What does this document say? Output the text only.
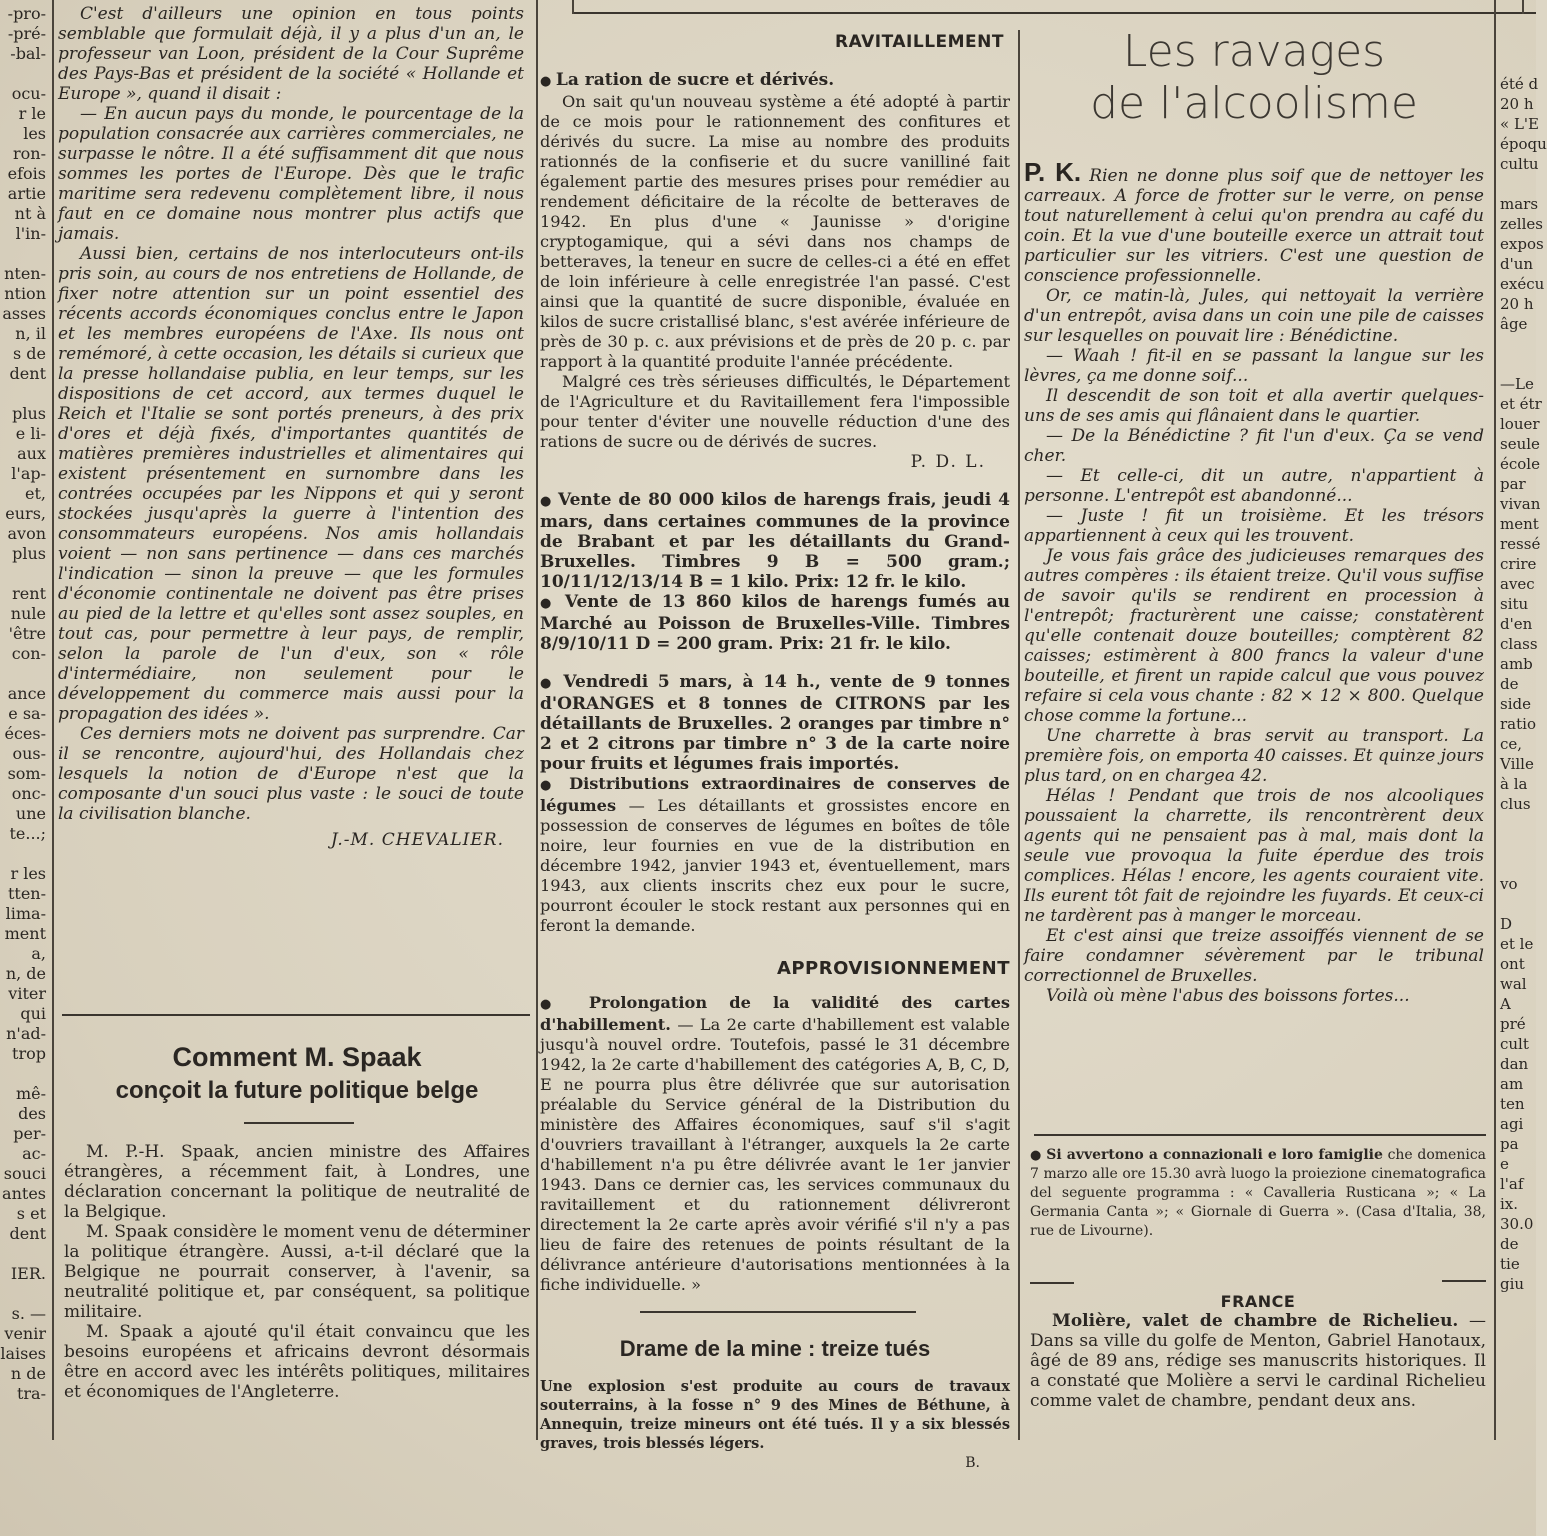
-pro-
-pré-
-bal-

ocu-
r le
les
ron-
efois
artie
nt à
l'in-

nten-
ntion
asses
n, il
s de
dent

plus
e li-
aux
l'ap-
et,
eurs,
avon
plus

rent
nule
'être
con-

ance
e sa-
éces-
ous-
som-
onc-
une
te...;

r les
tten-
lima-
ment
a,
n, de
viter
qui
n'ad-
trop

mê-
des
per-
ac-
souci
antes
s et
dent

IER.

s. —
venir
laises
n de
tra-

C'est d'ailleurs une opinion en tous points semblable que formulait déjà, il y a plus d'un an, le professeur van Loon, président de la Cour Suprême des Pays-Bas et président de la société « Hollande et Europe », quand il disait :

— En aucun pays du monde, le pourcentage de la population consacrée aux carrières commerciales, ne surpasse le nôtre. Il a été suffisamment dit que nous sommes les portes de l'Europe. Dès que le trafic maritime sera redevenu complètement libre, il nous faut en ce domaine nous montrer plus actifs que jamais.

Aussi bien, certains de nos interlocuteurs ont-ils pris soin, au cours de nos entretiens de Hollande, de fixer notre attention sur un point essentiel des récents accords économiques conclus entre le Japon et les membres européens de l'Axe. Ils nous ont remémoré, à cette occasion, les détails si curieux que la presse hollandaise publia, en leur temps, sur les dispositions de cet accord, aux termes duquel le Reich et l'Italie se sont portés preneurs, à des prix d'ores et déjà fixés, d'importantes quantités de matières premières industrielles et alimentaires qui existent présentement en surnombre dans les contrées occupées par les Nippons et qui y seront stockées jusqu'après la guerre à l'intention des consommateurs européens. Nos amis hollandais voient — non sans pertinence — dans ces marchés l'indication — sinon la preuve — que les formules d'économie continentale ne doivent pas être prises au pied de la lettre et qu'elles sont assez souples, en tout cas, pour permettre à leur pays, de remplir, selon la parole de l'un d'eux, son « rôle d'intermédiaire, non seulement pour le développement du commerce mais aussi pour la propagation des idées ».

Ces derniers mots ne doivent pas surprendre. Car il se rencontre, aujourd'hui, des Hollandais chez lesquels la notion de d'Europe n'est que la composante d'un souci plus vaste : le souci de toute la civilisation blanche.

J.-M. CHEVALIER.

Comment M. Spaak
conçoit la future politique belge

M. P.-H. Spaak, ancien ministre des Affaires étrangères, a récemment fait, à Londres, une déclaration concernant la politique de neutralité de la Belgique.

M. Spaak considère le moment venu de déterminer la politique étrangère. Aussi, a-t-il déclaré que la Belgique ne pourrait conserver, à l'avenir, sa neutralité politique et, par conséquent, sa politique militaire.

M. Spaak a ajouté qu'il était convaincu que les besoins européens et africains devront désormais être en accord avec les intérêts politiques, militaires et économiques de l'Angleterre.

RAVITAILLEMENT

● La ration de sucre et dérivés.

On sait qu'un nouveau système a été adopté à partir de ce mois pour le rationnement des confitures et dérivés du sucre. La mise au nombre des produits rationnés de la confiserie et du sucre vanilliné fait également partie des mesures prises pour remédier au rendement déficitaire de la récolte de betteraves de 1942. En plus d'une « Jaunisse » d'origine cryptogamique, qui a sévi dans nos champs de betteraves, la teneur en sucre de celles-ci a été en effet de loin inférieure à celle enregistrée l'an passé. C'est ainsi que la quantité de sucre disponible, évaluée en kilos de sucre cristallisé blanc, s'est avérée inférieure de près de 30 p. c. aux prévisions et de près de 20 p. c. par rapport à la quantité produite l'année précédente.

Malgré ces très sérieuses difficultés, le Département de l'Agriculture et du Ravitaillement fera l'impossible pour tenter d'éviter une nouvelle réduction d'une des rations de sucre ou de dérivés de sucres.

P. D. L.

● Vente de 80 000 kilos de harengs frais, jeudi 4 mars, dans certaines communes de la province de Brabant et par les détaillants du Grand-Bruxelles. Timbres 9 B = 500 gram.; 10/11/12/13/14 B = 1 kilo. Prix: 12 fr. le kilo.

● Vente de 13 860 kilos de harengs fumés au Marché au Poisson de Bruxelles-Ville. Timbres 8/9/10/11 D = 200 gram. Prix: 21 fr. le kilo.

● Vendredi 5 mars, à 14 h., vente de 9 tonnes d'ORANGES et 8 tonnes de CITRONS par les détaillants de Bruxelles. 2 oranges par timbre n° 2 et 2 citrons par timbre n° 3 de la carte noire pour fruits et légumes frais importés.

● Distributions extraordinaires de conserves de légumes — Les détaillants et grossistes encore en possession de conserves de légumes en boîtes de tôle noire, leur fournies en vue de la distribution en décembre 1942, janvier 1943 et, éventuellement, mars 1943, aux clients inscrits chez eux pour le sucre, pourront écouler le stock restant aux personnes qui en feront la demande.

APPROVISIONNEMENT

● Prolongation de la validité des cartes d'habillement. — La 2e carte d'habillement est valable jusqu'à nouvel ordre. Toutefois, passé le 31 décembre 1942, la 2e carte d'habillement des catégories A, B, C, D, E ne pourra plus être délivrée que sur autorisation préalable du Service général de la Distribution du ministère des Affaires économiques, sauf s'il s'agit d'ouvriers travaillant à l'étranger, auxquels la 2e carte d'habillement n'a pu être délivrée avant le 1er janvier 1943. Dans ce dernier cas, les services communaux du ravitaillement et du rationnement délivreront directement la 2e carte après avoir vérifié s'il n'y a pas lieu de faire des retenues de points résultant de la délivrance antérieure d'autorisations mentionnées à la fiche individuelle. »

Drame de la mine : treize tués

Une explosion s'est produite au cours de travaux souterrains, à la fosse n° 9 des Mines de Béthune, à Annequin, treize mineurs ont été tués. Il y a six blessés graves, trois blessés légers.

B.

Les ravages
de l'alcoolisme

P. K. Rien ne donne plus soif que de nettoyer les carreaux. A force de frotter sur le verre, on pense tout naturellement à celui qu'on prendra au café du coin. Et la vue d'une bouteille exerce un attrait tout particulier sur les vitriers. C'est une question de conscience professionnelle.

Or, ce matin-là, Jules, qui nettoyait la verrière d'un entrepôt, avisa dans un coin une pile de caisses sur lesquelles on pouvait lire : Bénédictine.

— Waah ! fit-il en se passant la langue sur les lèvres, ça me donne soif...

Il descendit de son toit et alla avertir quelques-uns de ses amis qui flânaient dans le quartier.

— De la Bénédictine ? fit l'un d'eux. Ça se vend cher.

— Et celle-ci, dit un autre, n'appartient à personne. L'entrepôt est abandonné...

— Juste ! fit un troisième. Et les trésors appartiennent à ceux qui les trouvent.

Je vous fais grâce des judicieuses remarques des autres compères : ils étaient treize. Qu'il vous suffise de savoir qu'ils se rendirent en procession à l'entrepôt; fracturèrent une caisse; constatèrent qu'elle contenait douze bouteilles; comptèrent 82 caisses; estimèrent à 800 francs la valeur d'une bouteille, et firent un rapide calcul que vous pouvez refaire si cela vous chante : 82 × 12 × 800. Quelque chose comme la fortune...

Une charrette à bras servit au transport. La première fois, on emporta 40 caisses. Et quinze jours plus tard, on en chargea 42.

Hélas ! Pendant que trois de nos alcooliques poussaient la charrette, ils rencontrèrent deux agents qui ne pensaient pas à mal, mais dont la seule vue provoqua la fuite éperdue des trois complices. Hélas ! encore, les agents couraient vite. Ils eurent tôt fait de rejoindre les fuyards. Et ceux-ci ne tardèrent pas à manger le morceau.

Et c'est ainsi que treize assoiffés viennent de se faire condamner sévèrement par le tribunal correctionnel de Bruxelles.

Voilà où mène l'abus des boissons fortes...

● Si avvertono a connazionali e loro famiglie che domenica 7 marzo alle ore 15.30 avrà luogo la proiezione cinematografica del seguente programma : « Cavalleria Rusticana »; « La Germania Canta »; « Giornale di Guerra ». (Casa d'Italia, 38, rue de Livourne).

FRANCE

Molière, valet de chambre de Richelieu. — Dans sa ville du golfe de Menton, Gabriel Hanotaux, âgé de 89 ans, rédige ses manuscrits historiques. Il a constaté que Molière a servi le cardinal Richelieu comme valet de chambre, pendant deux ans.

été d
20 h
« L'E
époqu
cultu

mars
zelles
expos
d'un
exécu
20 h
âge

—Le
et étr
louer
seule
école
par
vivan
ment
ressé
crire
avec
situ
d'en
class
amb
de
side
ratio
ce,
Ville
à la
clus

vo

D
et le
ont
wal
A
pré
cult
dan
am
ten
agi
pa
e
l'af
ix.
30.0
de
tie
giu
